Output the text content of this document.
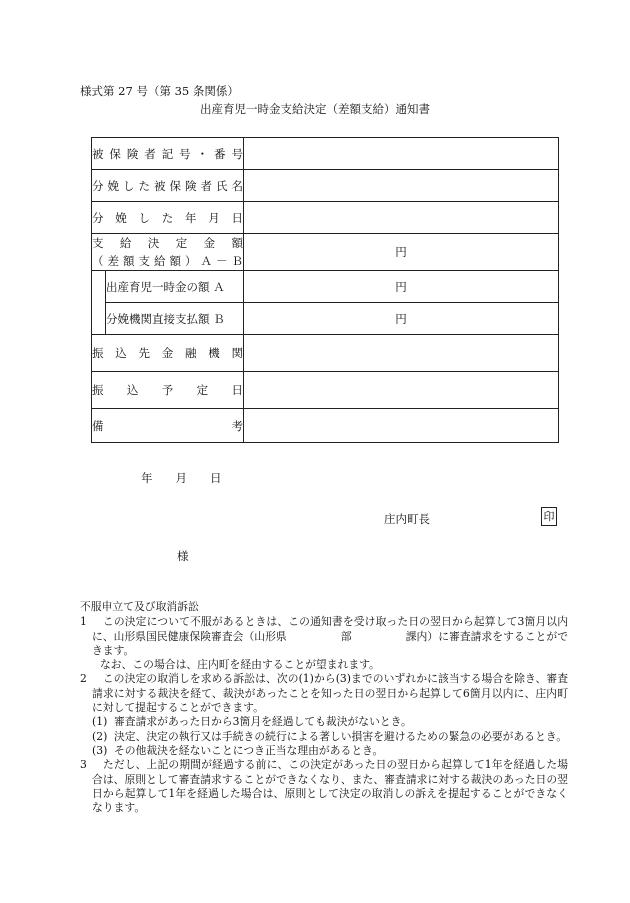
様式第 27 号（第 35 条関係）
出産育児一時金支給決定（差額支給）通知書
被保険者記号・番号		
分娩した被保険者氏名		
分娩した年月日		

支給決定金額
（差額支給額）Ａ－Ｂ		円
	出産育児一時金の額 Ａ	円
	分娩機関直接支払額 Ｂ	円
振込先金融機関		
振込予定日		

備 考		

年　　月　　日
庄内町長	印
様
不服申立て及び取消訴訟
1 　この決定について不服があるときは、この通知書を受け取った日の翌日から起算して3箇月以内に、山形県国民健康保険審査会（山形県　　　　　部　　　　　課内）に審査請求をすることができます。
なお、この場合は、庄内町を経由することが望まれます。
2 　この決定の取消しを求める訴訟は、次の(1)から(3)までのいずれかに該当する場合を除き、審査請求に対する裁決を経て、裁決があったことを知った日の翌日から起算して6箇月以内に、庄内町に対して提起することができます。
(1) 審査請求があった日から3箇月を経過しても裁決がないとき。
(2) 決定、決定の執行又は手続きの続行による著しい損害を避けるための緊急の必要があるとき。
(3) その他裁決を経ないことにつき正当な理由があるとき。
3 　ただし、上記の期間が経過する前に、この決定があった日の翌日から起算して1年を経過した場合は、原則として審査請求することができなくなり、また、審査請求に対する裁決のあった日の翌日から起算して1年を経過した場合は、原則として決定の取消しの訴えを提起することができなくなります。
